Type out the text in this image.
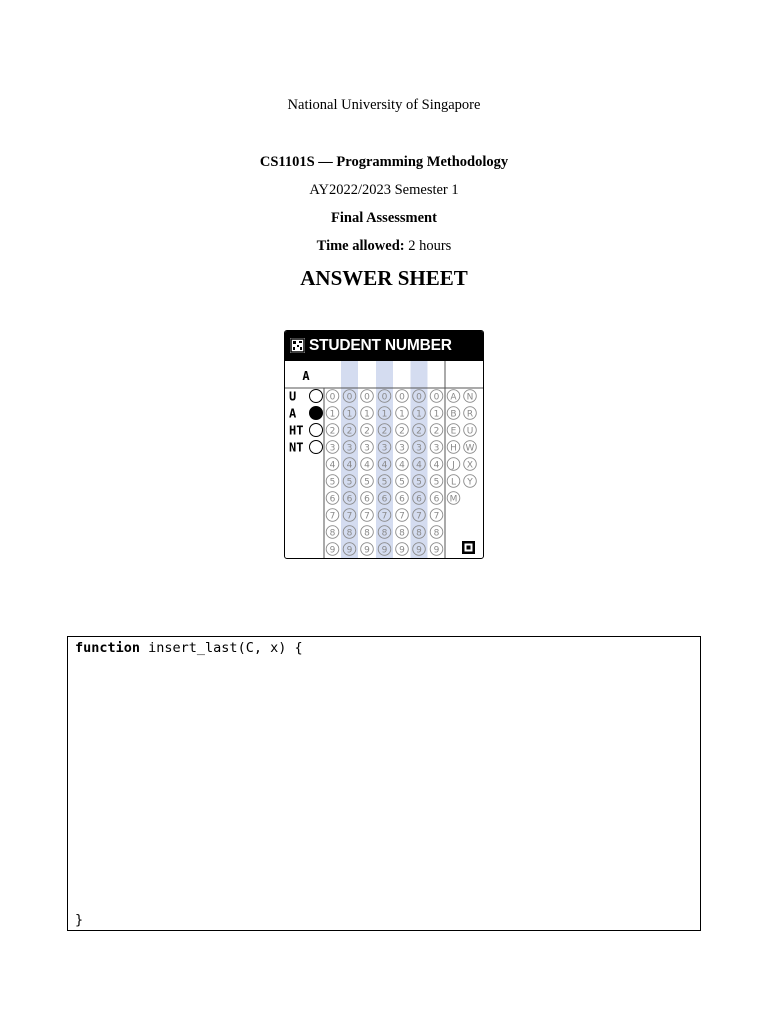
National University of Singapore
CS1101S — Programming Methodology
AY2022/2023 Semester 1
Final Assessment
Time allowed: 2 hours
ANSWER SHEET
STUDENT NUMBER
A
U
A
HT
NT
0
1
2
3
4
5
6
7
8
9
0
1
2
3
4
5
6
7
8
9
0
1
2
3
4
5
6
7
8
9
0
1
2
3
4
5
6
7
8
9
0
1
2
3
4
5
6
7
8
9
0
1
2
3
4
5
6
7
8
9
0
1
2
3
4
5
6
7
8
9
A
B
E
H
J
L
M
N
R
U
W
X
Y
function insert_last(C, x) {
}
